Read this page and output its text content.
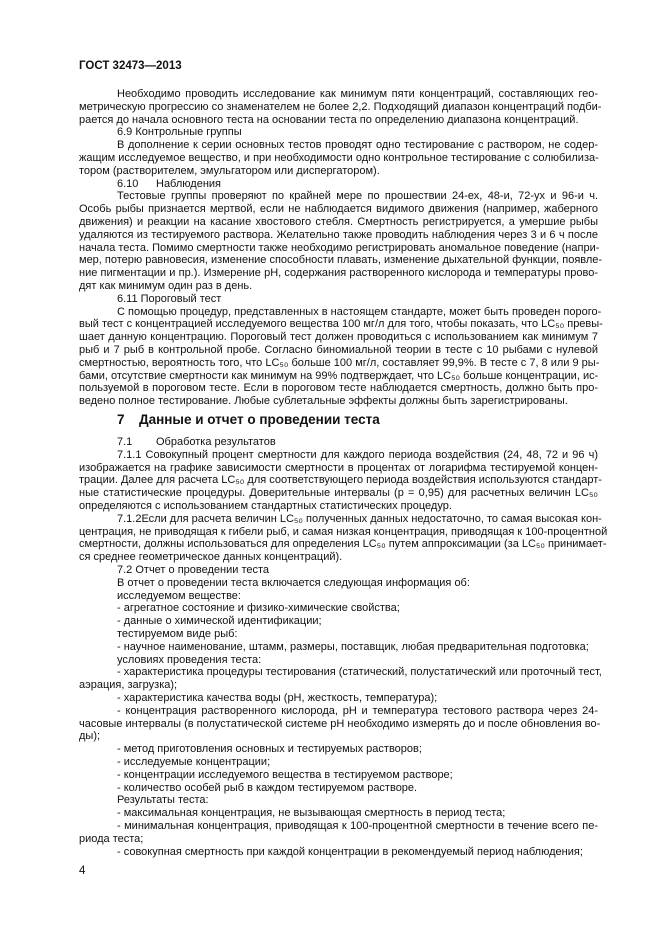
ГОСТ 32473—2013
Необходимо проводить исследование как минимум пяти концентраций, составляющих гео-
метрическую прогрессию со знаменателем не более 2,2. Подходящий диапазон концентраций подби-
рается до начала основного теста на основании теста по определению диапазона концентраций.
6.9 Контрольные группы
В дополнение к серии основных тестов проводят одно тестирование с раствором, не содер-
жащим исследуемое вещество, и при необходимости одно контрольное тестирование с солюбилиза-
тором (растворителем, эмульгатором или диспергатором).
6.10 Наблюдения
Тестовые группы проверяют по крайней мере по прошествии 24-ех, 48-и, 72-ух и 96-и ч.
Особь рыбы признается мертвой, если не наблюдается видимого движения (например, жаберного
движения) и реакции на касание хвостового стебля. Смертность регистрируется, а умершие рыбы
удаляются из тестируемого раствора. Желательно также проводить наблюдения через 3 и 6 ч после
начала теста. Помимо смертности также необходимо регистрировать аномальное поведение (напри-
мер, потерю равновесия, изменение способности плавать, изменение дыхательной функции, появле-
ние пигментации и пр.). Измерение pH, содержания растворенного кислорода и температуры прово-
дят как минимум один раз в день.
6.11 Пороговый тест
С помощью процедур, представленных в настоящем стандарте, может быть проведен порого-
вый тест с концентрацией исследуемого вещества 100 мг/л для того, чтобы показать, что LC₅₀ превы-
шает данную концентрацию. Пороговый тест должен проводиться с использованием как минимум 7
рыб и 7 рыб в контрольной пробе. Согласно биномиальной теории в тесте с 10 рыбами с нулевой
смертностью, вероятность того, что LC₅₀ больше 100 мг/л, составляет 99,9%. В тесте с 7, 8 или 9 ры-
бами, отсутствие смертности как минимум на 99% подтверждает, что LC₅₀ больше концентрации, ис-
пользуемой в пороговом тесте. Если в пороговом тесте наблюдается смертность, должно быть про-
ведено полное тестирование. Любые сублетальные эффекты должны быть зарегистрированы.
7 Данные и отчет о проведении теста
7.1 Обработка результатов
7.1.1 Совокупный процент смертности для каждого периода воздействия (24, 48, 72 и 96 ч)
изображается на графике зависимости смертности в процентах от логарифма тестируемой концен-
трации. Далее для расчета LC₅₀ для соответствующего периода воздействия используются стандарт-
ные статистические процедуры. Доверительные интервалы (p = 0,95) для расчетных величин LC₅₀
определяются с использованием стандартных статистических процедур.
7.1.2Если для расчета величин LC₅₀ полученных данных недостаточно, то самая высокая кон-
центрация, не приводящая к гибели рыб, и самая низкая концентрация, приводящая к 100-процентной
смертности, должны использоваться для определения LC₅₀ путем аппроксимации (за LC₅₀ принимает-
ся среднее геометрическое данных концентраций).
7.2 Отчет о проведении теста
В отчет о проведении теста включается следующая информация об:
исследуемом веществе:
- агрегатное состояние и физико-химические свойства;
- данные о химической идентификации;
тестируемом виде рыб:
- научное наименование, штамм, размеры, поставщик, любая предварительная подготовка;
условиях проведения теста:
- характеристика процедуры тестирования (статический, полустатический или проточный тест,
аэрация, загрузка);
- характеристика качества воды (pH, жесткость, температура);
- концентрация растворенного кислорода, pH и температура тестового раствора через 24-
часовые интервалы (в полустатической системе pH необходимо измерять до и после обновления во-
ды);
- метод приготовления основных и тестируемых растворов;
- исследуемые концентрации;
- концентрации исследуемого вещества в тестируемом растворе;
- количество особей рыб в каждом тестируемом растворе.
Результаты теста:
- максимальная концентрация, не вызывающая смертность в период теста;
- минимальная концентрация, приводящая к 100-процентной смертности в течение всего пе-
риода теста;
- совокупная смертность при каждой концентрации в рекомендуемый период наблюдения;
4
